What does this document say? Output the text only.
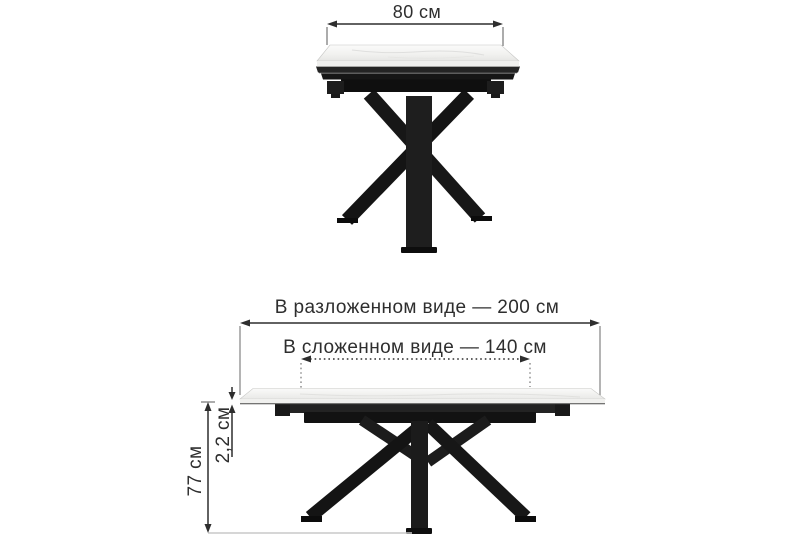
80 см
В разложенном виде — 200 см
В сложенном виде — 140 см
77 см
2,2 см
